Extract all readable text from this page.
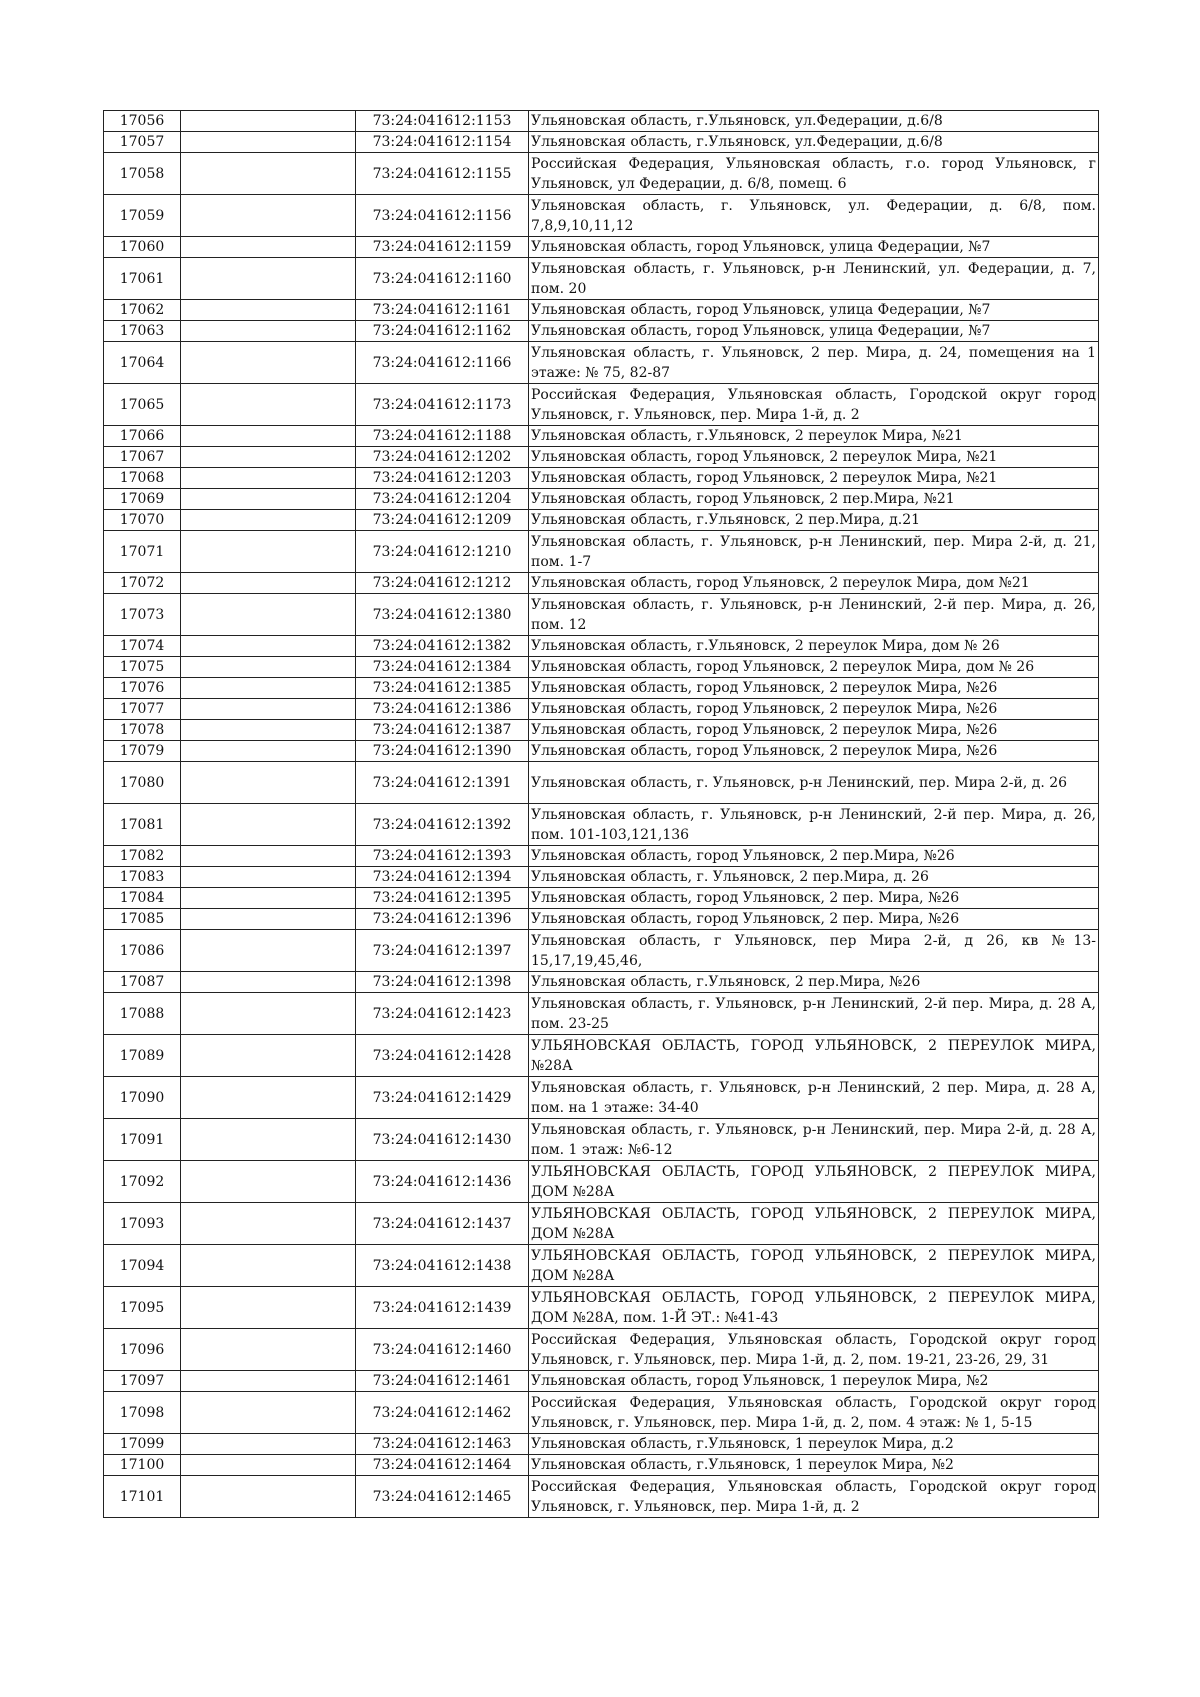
17056		73:24:041612:1153	Ульяновская область, г.Ульяновск, ул.Федерации, д.6/8
17057		73:24:041612:1154	Ульяновская область, г.Ульяновск, ул.Федерации, д.6/8
17058		73:24:041612:1155	Российская Федерация, Ульяновская область, г.о. город Ульяновск, г Ульяновск, ул Федерации, д. 6/8, помещ. 6
17059		73:24:041612:1156	Ульяновская область, г. Ульяновск, ул. Федерации, д. 6/8, пом. 7,8,9,10,11,12
17060		73:24:041612:1159	Ульяновская область, город Ульяновск, улица Федерации, №7
17061		73:24:041612:1160	Ульяновская область, г. Ульяновск, р-н Ленинский, ул. Федерации, д. 7, пом. 20
17062		73:24:041612:1161	Ульяновская область, город Ульяновск, улица Федерации, №7
17063		73:24:041612:1162	Ульяновская область, город Ульяновск, улица Федерации, №7
17064		73:24:041612:1166	Ульяновская область, г. Ульяновск, 2 пер. Мира, д. 24, помещения на 1 этаже: № 75, 82-87
17065		73:24:041612:1173	Российская Федерация, Ульяновская область, Городской округ город Ульяновск, г. Ульяновск, пер. Мира 1-й, д. 2
17066		73:24:041612:1188	Ульяновская область, г.Ульяновск, 2 переулок Мира, №21
17067		73:24:041612:1202	Ульяновская область, город Ульяновск, 2 переулок Мира, №21
17068		73:24:041612:1203	Ульяновская область, город Ульяновск, 2 переулок Мира, №21
17069		73:24:041612:1204	Ульяновская область, город Ульяновск, 2 пер.Мира, №21
17070		73:24:041612:1209	Ульяновская область, г.Ульяновск, 2 пер.Мира, д.21
17071		73:24:041612:1210	Ульяновская область, г. Ульяновск, р-н Ленинский, пер. Мира 2-й, д. 21, пом. 1-7
17072		73:24:041612:1212	Ульяновская область, город Ульяновск, 2 переулок Мира, дом №21
17073		73:24:041612:1380	Ульяновская область, г. Ульяновск, р-н Ленинский, 2-й пер. Мира, д. 26, пом. 12
17074		73:24:041612:1382	Ульяновская область, г.Ульяновск, 2 переулок Мира, дом № 26
17075		73:24:041612:1384	Ульяновская область, город Ульяновск, 2 переулок Мира, дом № 26
17076		73:24:041612:1385	Ульяновская область, город Ульяновск, 2 переулок Мира, №26
17077		73:24:041612:1386	Ульяновская область, город Ульяновск, 2 переулок Мира, №26
17078		73:24:041612:1387	Ульяновская область, город Ульяновск, 2 переулок Мира, №26
17079		73:24:041612:1390	Ульяновская область, город Ульяновск, 2 переулок Мира, №26
17080		73:24:041612:1391	Ульяновская область, г. Ульяновск, р-н Ленинский, пер. Мира 2-й, д. 26
17081		73:24:041612:1392	Ульяновская область, г. Ульяновск, р-н Ленинский, 2-й пер. Мира, д. 26, пом. 101-103,121,136
17082		73:24:041612:1393	Ульяновская область, город Ульяновск, 2 пер.Мира, №26
17083		73:24:041612:1394	Ульяновская область, г. Ульяновск, 2 пер.Мира, д. 26
17084		73:24:041612:1395	Ульяновская область, город Ульяновск, 2 пер. Мира, №26
17085		73:24:041612:1396	Ульяновская область, город Ульяновск, 2 пер. Мира, №26
17086		73:24:041612:1397	Ульяновская область, г Ульяновск, пер Мира 2-й, д 26, кв №13-15,17,19,45,46,
17087		73:24:041612:1398	Ульяновская область, г.Ульяновск, 2 пер.Мира, №26
17088		73:24:041612:1423	Ульяновская область, г. Ульяновск, р-н Ленинский, 2-й пер. Мира, д. 28 А, пом. 23-25
17089		73:24:041612:1428	УЛЬЯНОВСКАЯ ОБЛАСТЬ, ГОРОД УЛЬЯНОВСК, 2 ПЕРЕУЛОК МИРА, №28А
17090		73:24:041612:1429	Ульяновская область, г. Ульяновск, р-н Ленинский, 2 пер. Мира, д. 28 А, пом. на 1 этаже: 34-40
17091		73:24:041612:1430	Ульяновская область, г. Ульяновск, р-н Ленинский, пер. Мира 2-й, д. 28 А, пом. 1 этаж: №6-12
17092		73:24:041612:1436	УЛЬЯНОВСКАЯ ОБЛАСТЬ, ГОРОД УЛЬЯНОВСК, 2 ПЕРЕУЛОК МИРА, ДОМ №28А
17093		73:24:041612:1437	УЛЬЯНОВСКАЯ ОБЛАСТЬ, ГОРОД УЛЬЯНОВСК, 2 ПЕРЕУЛОК МИРА, ДОМ №28А
17094		73:24:041612:1438	УЛЬЯНОВСКАЯ ОБЛАСТЬ, ГОРОД УЛЬЯНОВСК, 2 ПЕРЕУЛОК МИРА, ДОМ №28А
17095		73:24:041612:1439	УЛЬЯНОВСКАЯ ОБЛАСТЬ, ГОРОД УЛЬЯНОВСК, 2 ПЕРЕУЛОК МИРА, ДОМ №28А, пом. 1-Й ЭТ.: №41-43
17096		73:24:041612:1460	Российская Федерация, Ульяновская область, Городской округ город Ульяновск, г. Ульяновск, пер. Мира 1-й, д. 2, пом. 19-21, 23-26, 29, 31
17097		73:24:041612:1461	Ульяновская область, город Ульяновск, 1 переулок Мира, №2
17098		73:24:041612:1462	Российская Федерация, Ульяновская область, Городской округ город Ульяновск, г. Ульяновск, пер. Мира 1-й, д. 2, пом. 4 этаж: № 1, 5-15
17099		73:24:041612:1463	Ульяновская область, г.Ульяновск, 1 переулок Мира, д.2
17100		73:24:041612:1464	Ульяновская область, г.Ульяновск, 1 переулок Мира, №2
17101		73:24:041612:1465	Российская Федерация, Ульяновская область, Городской округ город Ульяновск, г. Ульяновск, пер. Мира 1-й, д. 2
